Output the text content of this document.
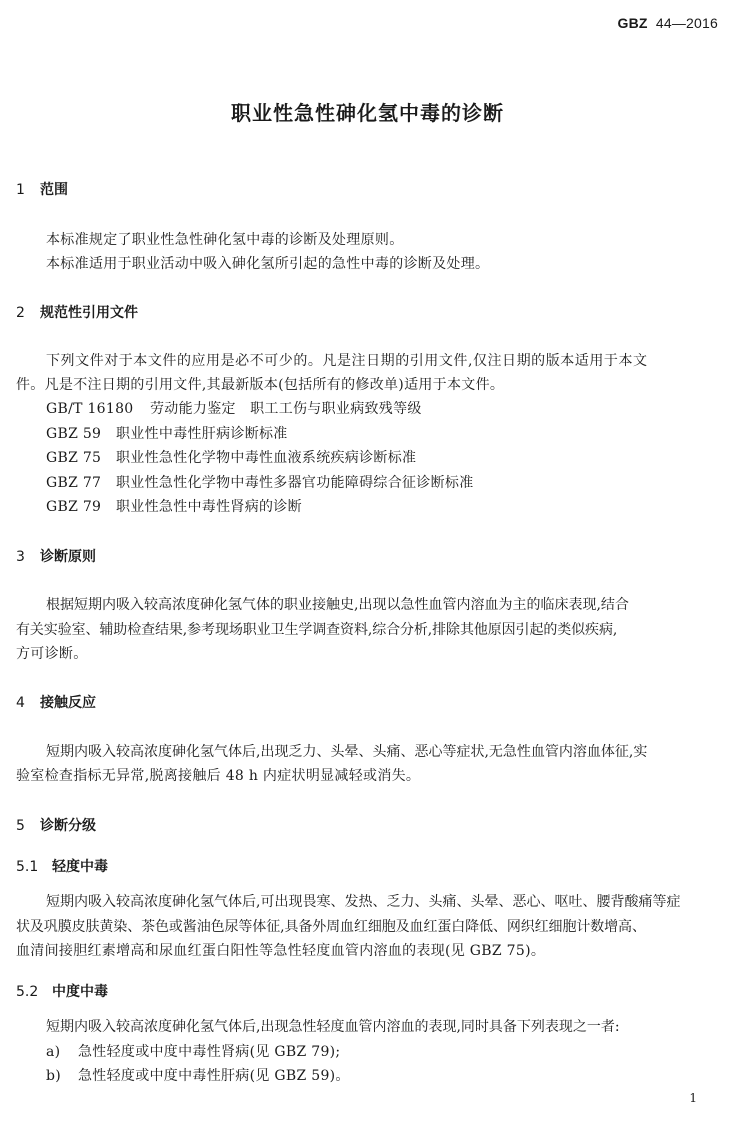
GBZ 44—2016
职业性急性砷化氢中毒的诊断
1 范围
本标准规定了职业性急性砷化氢中毒的诊断及处理原则。
本标准适用于职业活动中吸入砷化氢所引起的急性中毒的诊断及处理。
2 规范性引用文件
下列文件对于本文件的应用是必不可少的。凡是注日期的引用文件,仅注日期的版本适用于本文
件。凡是不注日期的引用文件,其最新版本(包括所有的修改单)适用于本文件。
GB/T 16180 劳动能力鉴定　职工工伤与职业病致残等级
GBZ 59 职业性中毒性肝病诊断标准
GBZ 75 职业性急性化学物中毒性血液系统疾病诊断标准
GBZ 77 职业性急性化学物中毒性多器官功能障碍综合征诊断标准
GBZ 79 职业性急性中毒性肾病的诊断
3 诊断原则
根据短期内吸入较高浓度砷化氢气体的职业接触史,出现以急性血管内溶血为主的临床表现,结合
有关实验室、辅助检查结果,参考现场职业卫生学调查资料,综合分析,排除其他原因引起的类似疾病,
方可诊断。
4 接触反应
短期内吸入较高浓度砷化氢气体后,出现乏力、头晕、头痛、恶心等症状,无急性血管内溶血体征,实
验室检查指标无异常,脱离接触后 48 h 内症状明显减轻或消失。
5 诊断分级
5.1 轻度中毒
短期内吸入较高浓度砷化氢气体后,可出现畏寒、发热、乏力、头痛、头晕、恶心、呕吐、腰背酸痛等症
状及巩膜皮肤黄染、茶色或酱油色尿等体征,具备外周血红细胞及血红蛋白降低、网织红细胞计数增高、
血清间接胆红素增高和尿血红蛋白阳性等急性轻度血管内溶血的表现(见 GBZ 75)。
5.2 中度中毒
短期内吸入较高浓度砷化氢气体后,出现急性轻度血管内溶血的表现,同时具备下列表现之一者:
a) 急性轻度或中度中毒性肾病(见 GBZ 79);
b) 急性轻度或中度中毒性肝病(见 GBZ 59)。
1
